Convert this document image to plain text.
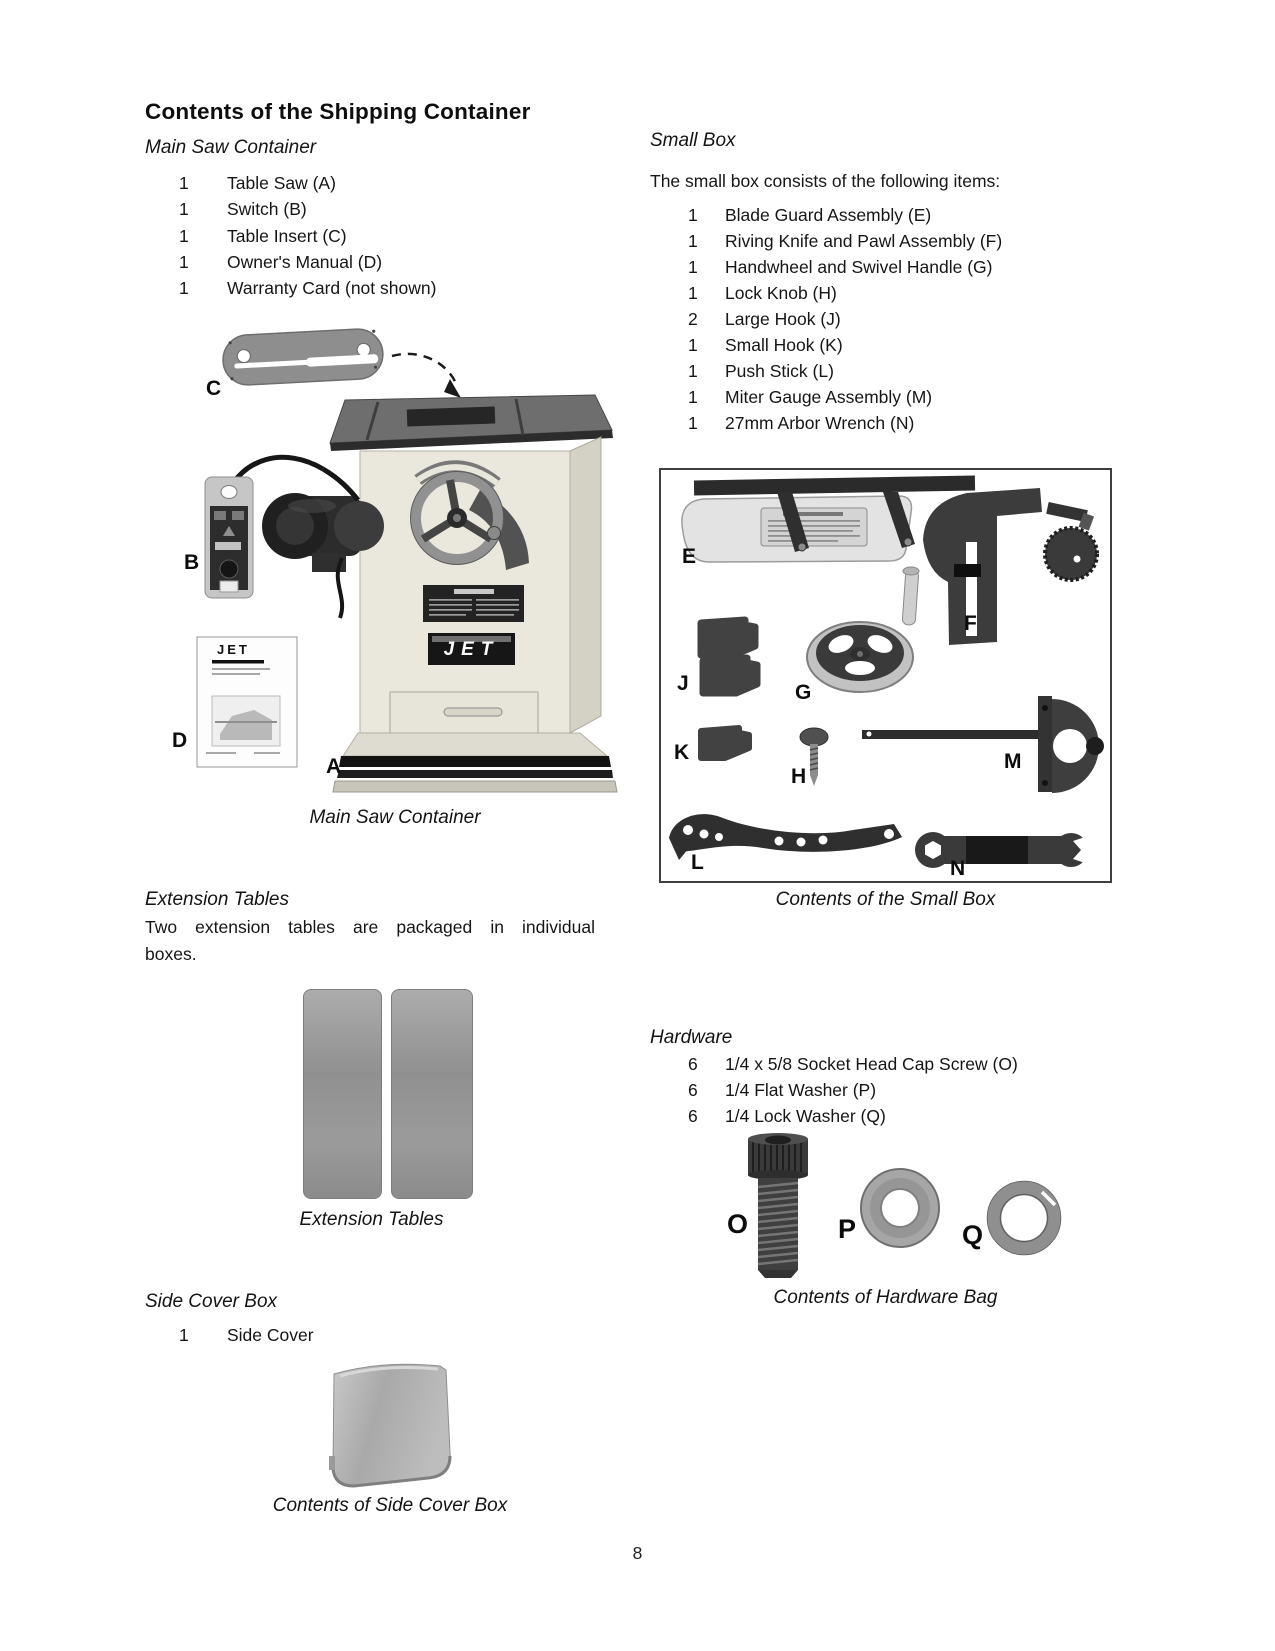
Contents of the Shipping Container
Main Saw Container
1 Table Saw (A)
1 Switch (B)
1 Table Insert (C)
1 Owner's Manual (D)
1 Warranty Card (not shown)
JET
JET
C
B
D
A
Main Saw Container
Extension Tables
Two extension tables are packaged in individual
boxes.
Extension Tables
Side Cover Box
1 Side Cover
Contents of Side Cover Box
Small Box
The small box consists of the following items:
1 Blade Guard Assembly (E)
1 Riving Knife and Pawl Assembly (F)
1 Handwheel and Swivel Handle (G)
1 Lock Knob (H)
2 Large Hook (J)
1 Small Hook (K)
1 Push Stick (L)
1 Miter Gauge Assembly (M)
1 27mm Arbor Wrench (N)
E
F
J	G
K
H
M
L	N
Contents of the Small Box
Hardware
6 1/4 x 5/8 Socket Head Cap Screw (O)
6 1/4 Flat Washer (P)
6 1/4 Lock Washer (Q)
O	P	Q
Contents of Hardware Bag
8
